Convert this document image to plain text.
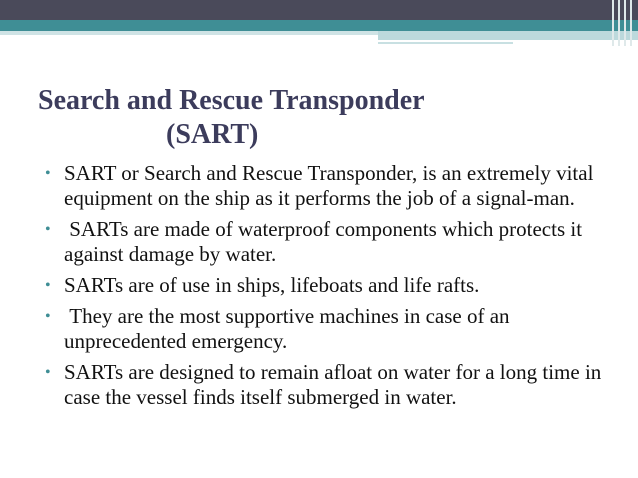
Search and Rescue Transponder
(SART)
• SART or Search and Rescue Transponder, is an extremely vital equipment on the ship as it performs the job of a signal-man.
• SARTs are made of waterproof components which protects it against damage by water.
• SARTs are of use in ships, lifeboats and life rafts.
• They are the most supportive machines in case of an unprecedented emergency.
• SARTs are designed to remain afloat on water for a long time in case the vessel finds itself submerged in water.
